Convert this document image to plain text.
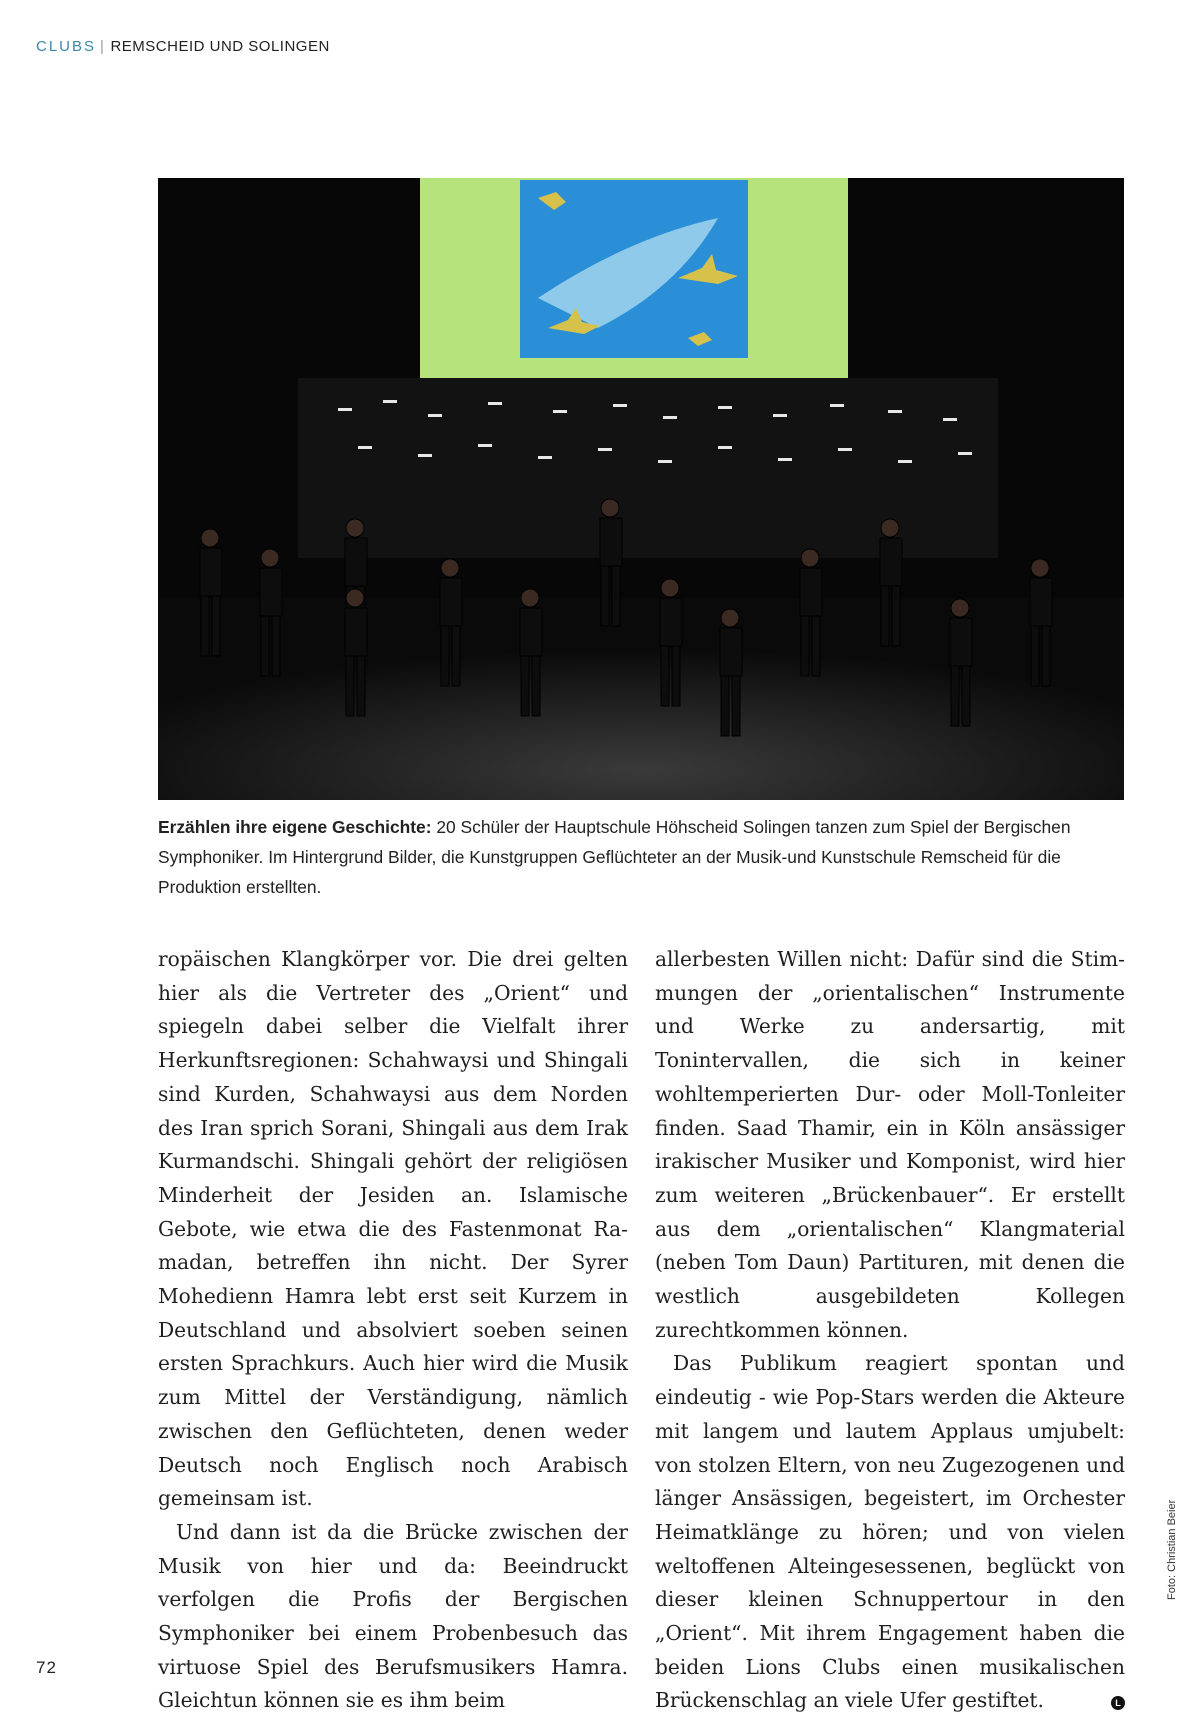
CLUBS | REMSCHEID UND SOLINGEN
Erzählen ihre eigene Geschichte: 20 Schüler der Hauptschule Höhscheid Solingen tanzen zum Spiel der Bergischen Symphoniker. Im Hintergrund Bilder, die Kunstgruppen Geflüchteter an der Musik-und Kunstschule Remscheid für die Produktion erstellten.

ropäischen Klangkörper vor. Die drei gelten hier als die Vertreter des „Orient“ und spiegeln dabei selber die Vielfalt ihrer Herkunftsregionen: Schahwaysi und Shingali sind Kurden, Schahwaysi aus dem Norden des Iran sprich Sorani, Shingali aus dem Irak Kurmandschi. Shingali gehört der religiösen Minderheit der Jesiden an. Islamische Gebote, wie etwa die des Fastenmonat Ramadan, betreffen ihn nicht. Der Syrer Mohedienn Hamra lebt erst seit Kurzem in Deutschland und absolviert soeben seinen ersten Sprachkurs. Auch hier wird die Musik zum Mittel der Verständigung, nämlich zwischen den Geflüchteten, denen weder Deutsch noch Englisch noch Arabisch gemeinsam ist.

Und dann ist da die Brücke zwischen der Musik von hier und da: Beeindruckt verfolgen die Profis der Bergischen Symphoniker bei einem Probenbesuch das virtuose Spiel des Berufsmusikers Hamra. Gleichtun können sie es ihm beim

allerbesten Willen nicht: Dafür sind die Stimmungen der „orientalischen“ Instrumente und Werke zu andersartig, mit Tonintervallen, die sich in keiner wohltemperierten Dur- oder Moll-Tonleiter finden. Saad Thamir, ein in Köln ansässiger irakischer Musiker und Komponist, wird hier zum weiteren „Brückenbauer“. Er erstellt aus dem „orientalischen“ Klangmaterial (neben Tom Daun) Partituren, mit denen die westlich ausgebildeten Kollegen zurechtkommen können.

Das Publikum reagiert spontan und eindeutig - wie Pop-Stars werden die Akteure mit langem und lautem Applaus umjubelt: von stolzen Eltern, von neu Zugezogenen und länger Ansässigen, begeistert, im Orchester Heimatklänge zu hören; und von vielen weltoffenen Alteingesessenen, beglückt von dieser kleinen Schnuppertour in den „Orient“. Mit ihrem Engagement haben die beiden Lions Clubs einen musikalischen Brückenschlag an viele Ufer gestiftet.	L
Foto: Christian Beier
72
